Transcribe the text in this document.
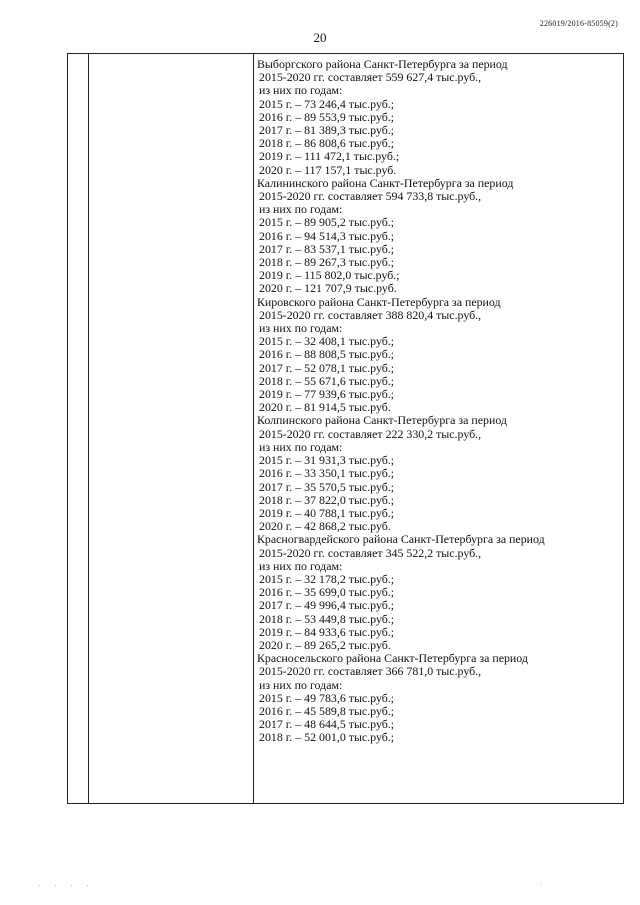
226019/2016-85059(2)
20
Выборгского района Санкт-Петербурга за период
2015-2020 гг. составляет 559 627,4 тыс.руб.,
из них по годам:
2015 г. – 73 246,4 тыс.руб.;
2016 г. – 89 553,9 тыс.руб.;
2017 г. – 81 389,3 тыс.руб.;
2018 г. – 86 808,6 тыс.руб.;
2019 г. – 111 472,1 тыс.руб.;
2020 г. – 117 157,1 тыс.руб.
Калининского района Санкт-Петербурга за период
2015-2020 гг. составляет 594 733,8 тыс.руб.,
из них по годам:
2015 г. – 89 905,2 тыс.руб.;
2016 г. – 94 514,3 тыс.руб.;
2017 г. – 83 537,1 тыс.руб.;
2018 г. – 89 267,3 тыс.руб.;
2019 г. – 115 802,0 тыс.руб.;
2020 г. – 121 707,9 тыс.руб.
Кировского района Санкт-Петербурга за период
2015-2020 гг. составляет 388 820,4 тыс.руб.,
из них по годам:
2015 г. – 32 408,1 тыс.руб.;
2016 г. – 88 808,5 тыс.руб.;
2017 г. – 52 078,1 тыс.руб.;
2018 г. – 55 671,6 тыс.руб.;
2019 г. – 77 939,6 тыс.руб.;
2020 г. – 81 914,5 тыс.руб.
Колпинского района Санкт-Петербурга за период
2015-2020 гг. составляет 222 330,2 тыс.руб.,
из них по годам:
2015 г. – 31 931,3 тыс.руб.;
2016 г. – 33 350,1 тыс.руб.;
2017 г. – 35 570,5 тыс.руб.;
2018 г. – 37 822,0 тыс.руб.;
2019 г. – 40 788,1 тыс.руб.;
2020 г. – 42 868,2 тыс.руб.
Красногвардейского района Санкт-Петербурга за период
2015-2020 гг. составляет 345 522,2 тыс.руб.,
из них по годам:
2015 г. – 32 178,2 тыс.руб.;
2016 г. – 35 699,0 тыс.руб.;
2017 г. – 49 996,4 тыс.руб.;
2018 г. – 53 449,8 тыс.руб.;
2019 г. – 84 933,6 тыс.руб.;
2020 г. – 89 265,2 тыс.руб.
Красносельского района Санкт-Петербурга за период
2015-2020 гг. составляет 366 781,0 тыс.руб.,
из них по годам:
2015 г. – 49 783,6 тыс.руб.;
2016 г. – 45 589,8 тыс.руб.;
2017 г. – 48 644,5 тыс.руб.;
2018 г. – 52 001,0 тыс.руб.;
· · · ·	·
